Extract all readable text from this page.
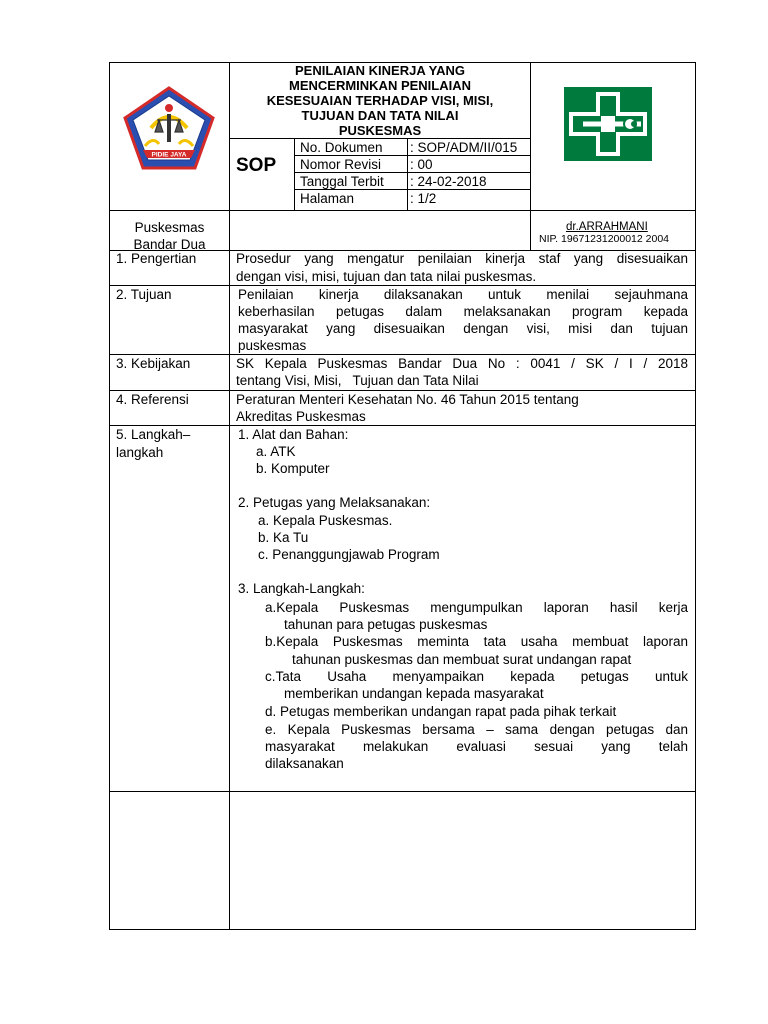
PIDIE JAYA
PENILAIAN KINERJA YANG
MENCERMINKAN PENILAIAN
KESESUAIAN TERHADAP VISI, MISI,
TUJUAN DAN TATA NILAI
PUSKESMAS
SOP
No. Dokumen : SOP/ADM/II/015
Nomor Revisi : 00
Tanggal Terbit : 24-02-2018
Halaman	: 1/2
Puskesmas
Bandar Dua
dr.ARRAHMANI
NIP. 19671231200012 2004
1. Pengertian	Prosedur yang mengatur penilaian kinerja staf yang disesuaikan
dengan visi, misi, tujuan dan tata nilai puskesmas.
2. Tujuan	Penilaian kinerja dilaksanakan untuk menilai sejauhmana
keberhasilan petugas dalam melaksanakan program kepada
masyarakat yang disesuaikan dengan visi, misi dan tujuan
puskesmas
3. Kebijakan	SK Kepala Puskesmas Bandar Dua No : 0041 / SK / I / 2018
tentang Visi, Misi,   Tujuan dan Tata Nilai
4. Referensi	Peraturan Menteri Kesehatan No. 46 Tahun 2015 tentang
Akreditas Puskesmas
5. Langkah–
langkah
1. Alat dan Bahan:
a. ATK
b. Komputer
2. Petugas yang Melaksanakan:
a. Kepala Puskesmas.
b. Ka Tu
c. Penanggungjawab Program
3. Langkah-Langkah:
a.Kepala Puskesmas mengumpulkan laporan hasil kerja
tahunan para petugas puskesmas
b.Kepala Puskesmas meminta tata usaha membuat laporan
tahunan puskesmas dan membuat surat undangan rapat
c.Tata Usaha menyampaikan kepada petugas untuk
memberikan undangan kepada masyarakat
d. Petugas memberikan undangan rapat pada pihak terkait
e. Kepala Puskesmas bersama – sama dengan petugas dan
masyarakat melakukan evaluasi sesuai yang telah
dilaksanakan
